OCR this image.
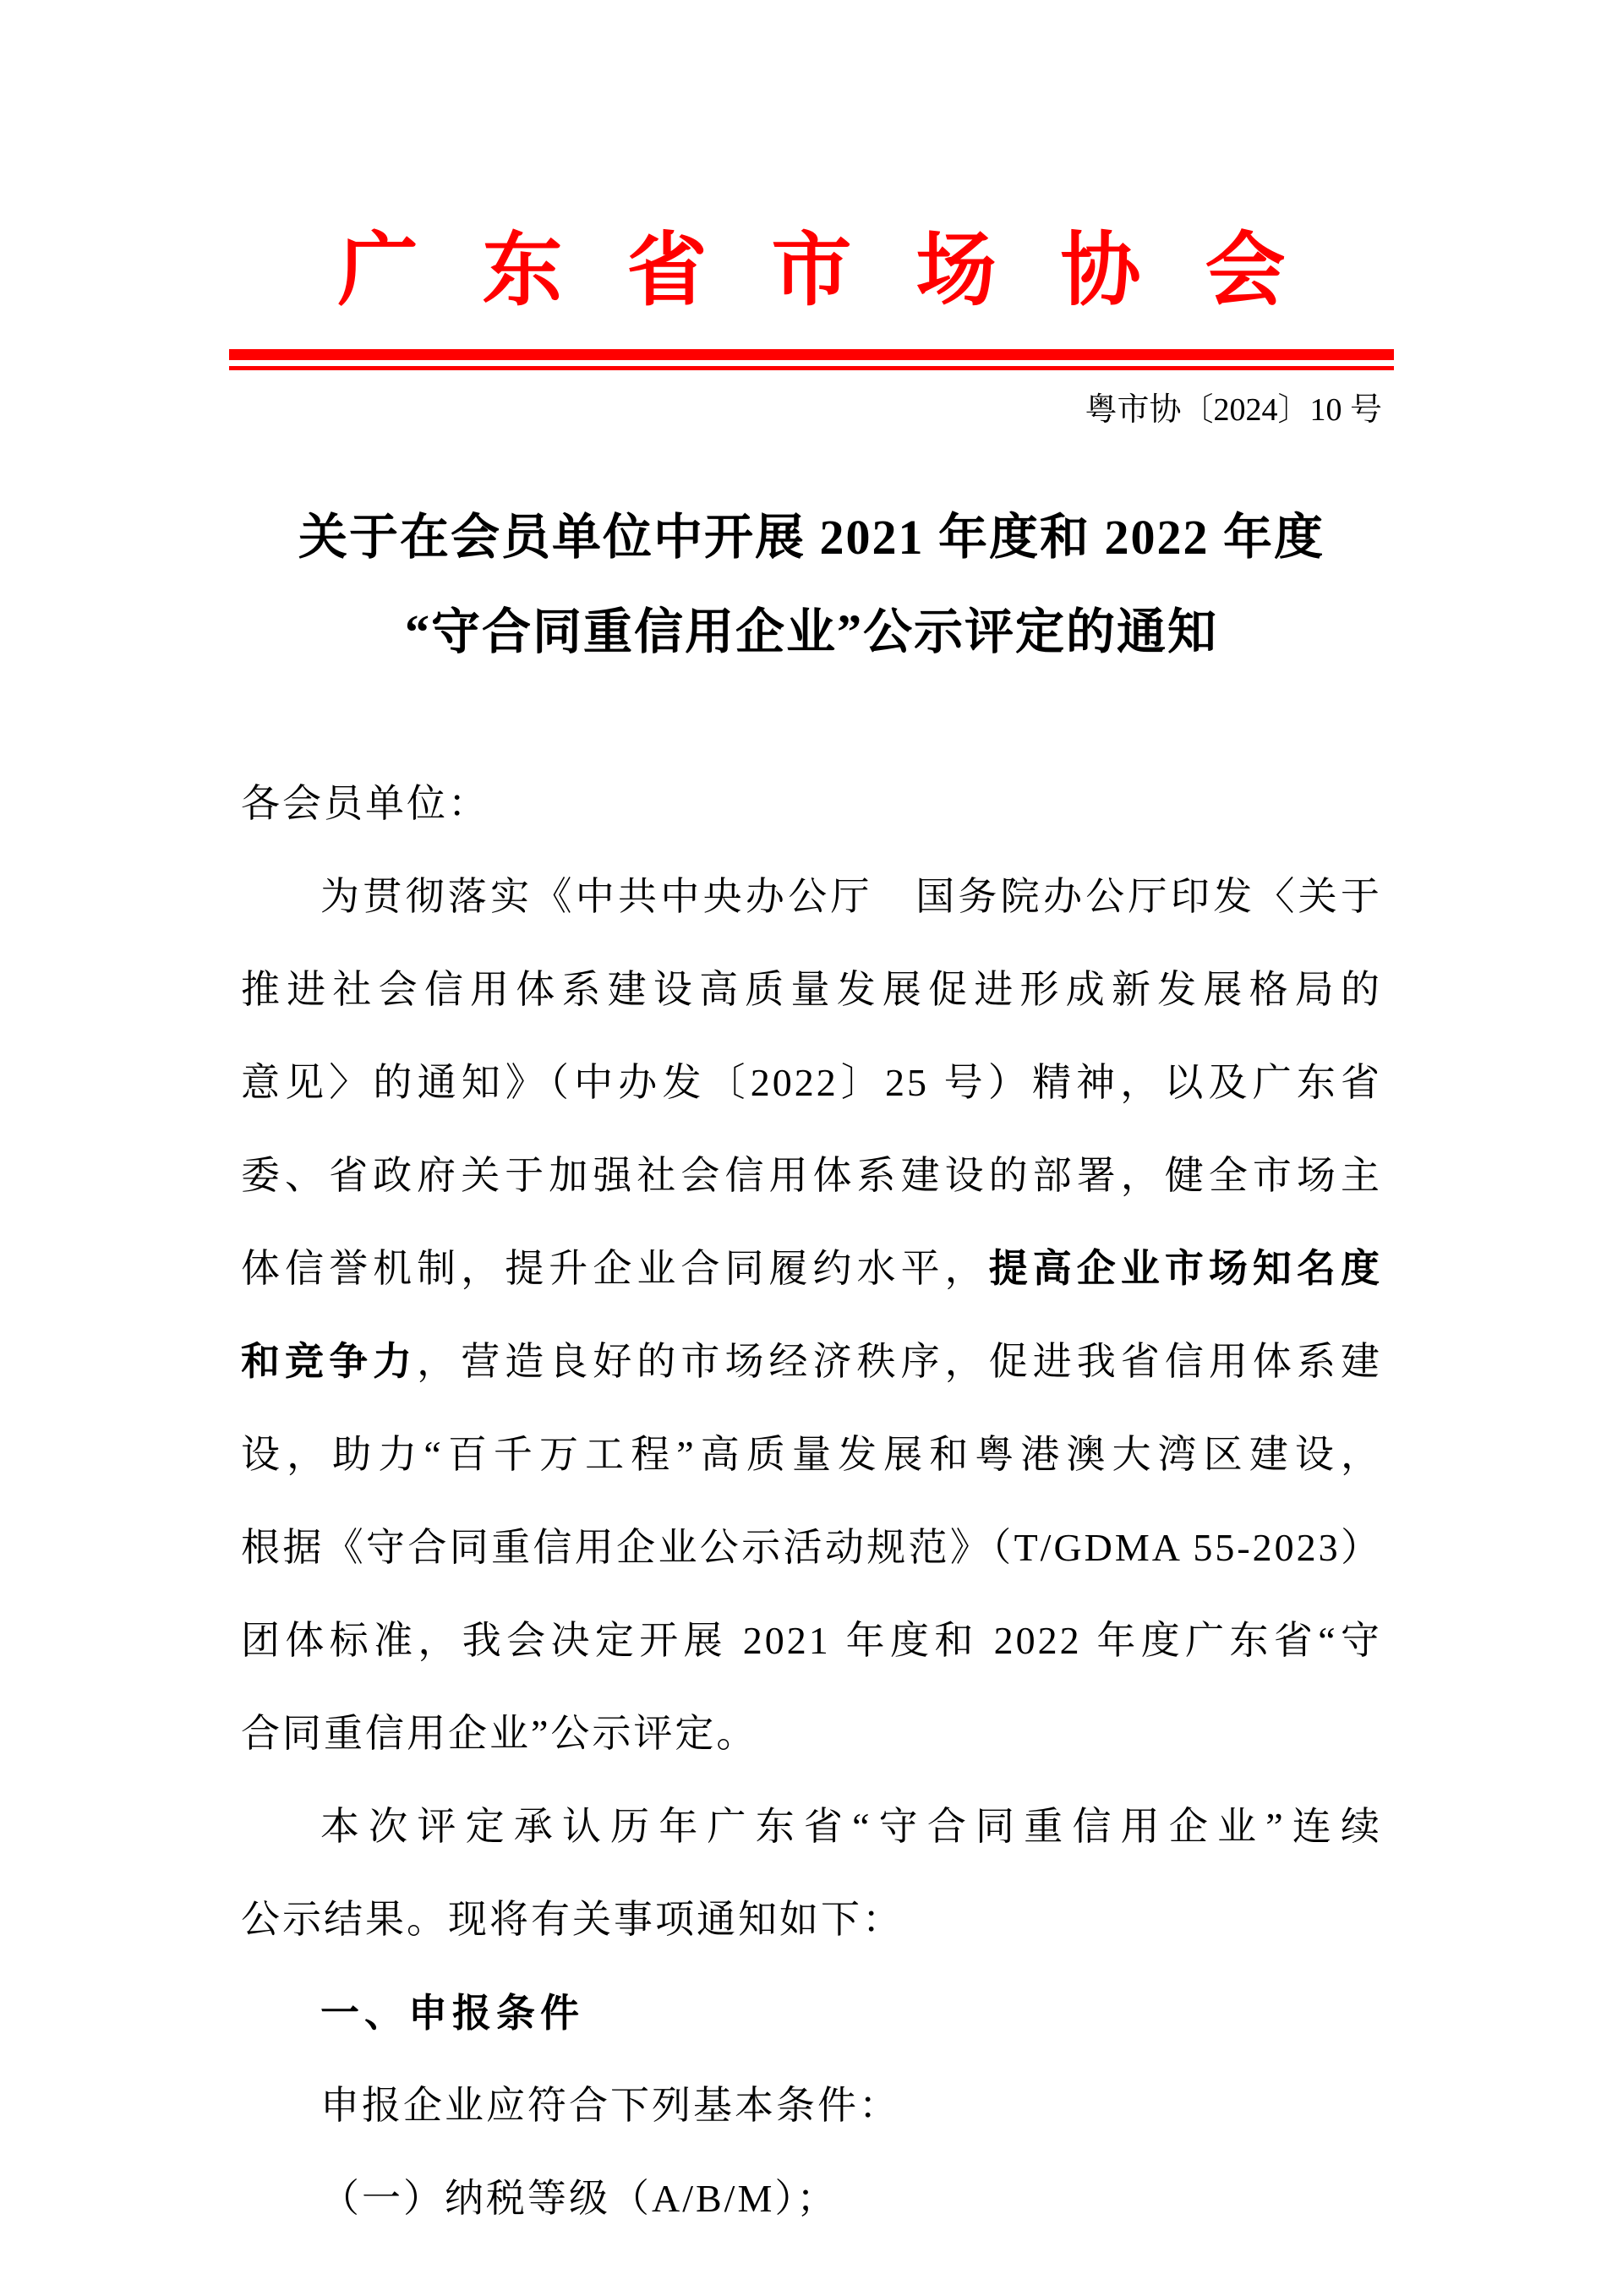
广东省市场协会
粤市协〔2024〕10 号
关于在会员单位中开展 2021 年度和 2022 年度
“守合同重信用企业”公示评定的通知
各会员单位：
为贯彻落实《中共中央办公厅　国务院办公厅印发〈关于
推进社会信用体系建设高质量发展促进形成新发展格局的
意见〉的通知》（中办发〔2022〕25 号）精神，以及广东省
委、省政府关于加强社会信用体系建设的部署，健全市场主
体信誉机制，提升企业合同履约水平，提高企业市场知名度
和竞争力，营造良好的市场经济秩序，促进我省信用体系建
设，助力“百千万工程”高质量发展和粤港澳大湾区建设，
根据《守合同重信用企业公示活动规范》（T/GDMA 55-2023）
团体标准，我会决定开展 2021 年度和 2022 年度广东省“守
合同重信用企业”公示评定。
本次评定承认历年广东省“守合同重信用企业”连续
公示结果。现将有关事项通知如下：
一、申报条件
申报企业应符合下列基本条件：
（一）纳税等级（A/B/M）；
